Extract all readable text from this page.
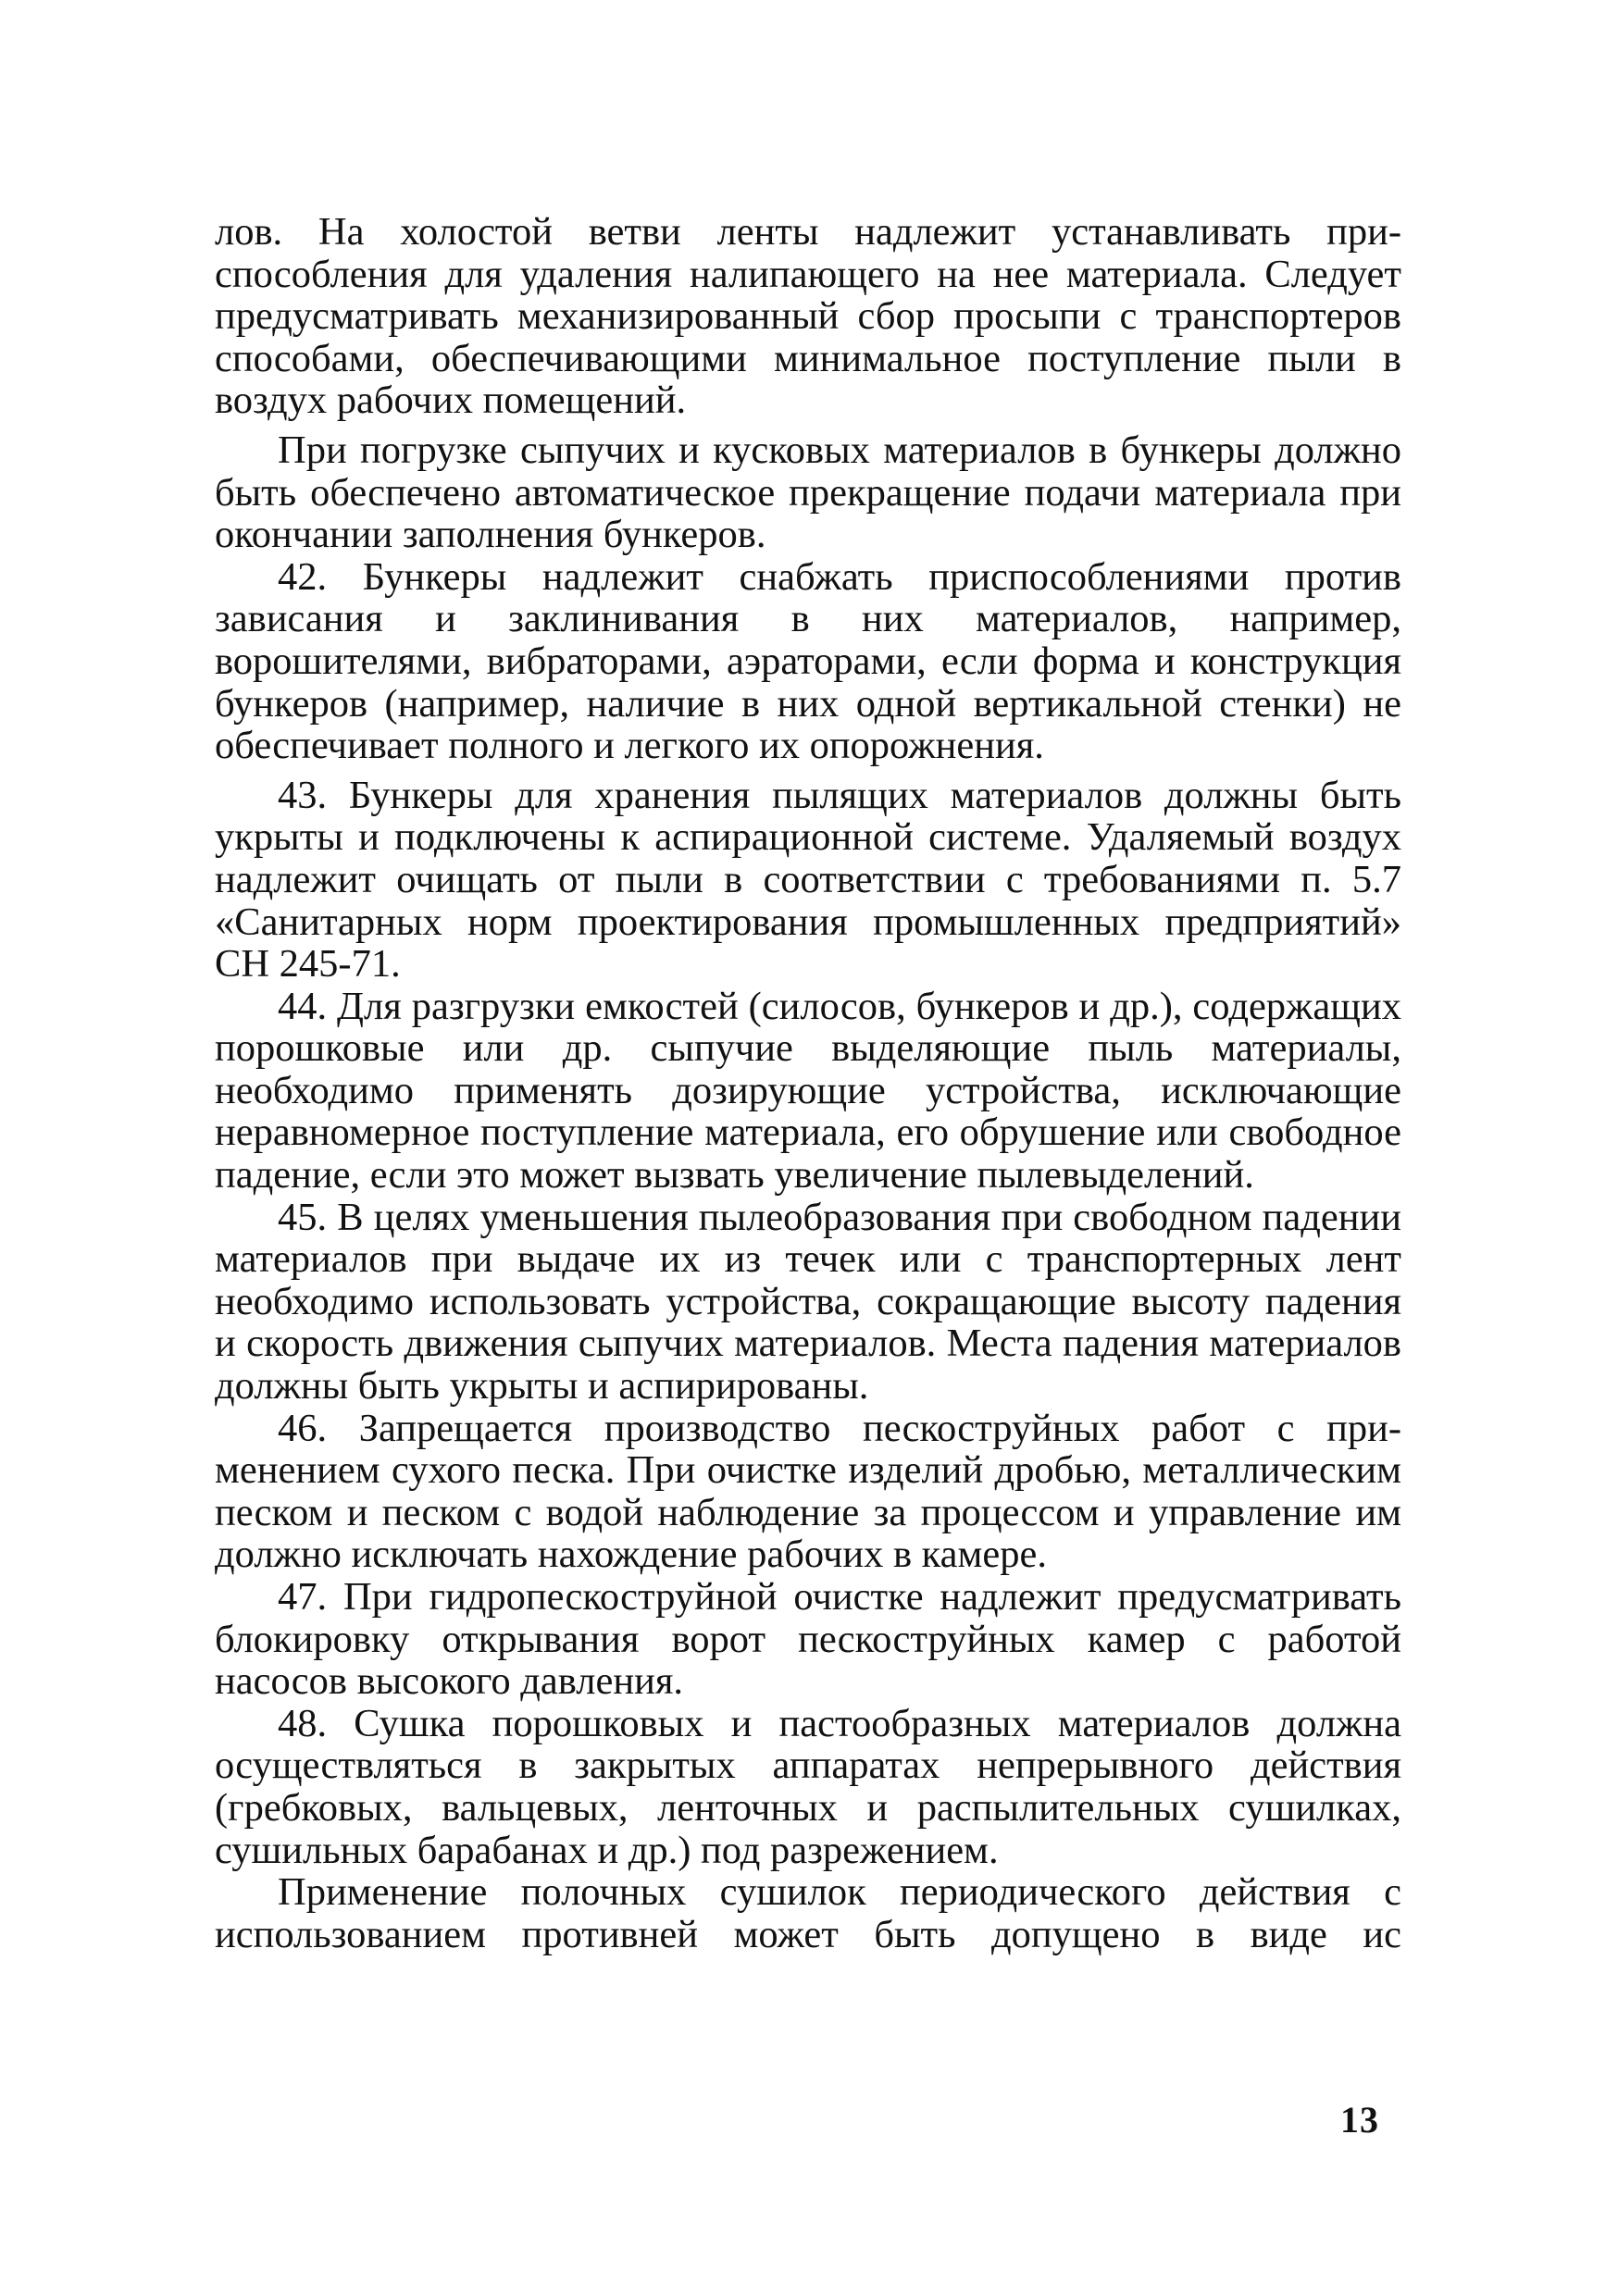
лов. На холостой ветви ленты надлежит устанавливать приспособления для удаления налипающего на нее материала. Следует предусматривать механизированный сбор просыпи с транспортеров способами, обеспечивающими минимальное поступление пыли в воздух рабочих помещений.

При погрузке сыпучих и кусковых материалов в бункеры должно быть обеспечено автоматическое прекращение подачи материала при окончании заполнения бункеров.

42. Бункеры надлежит снабжать приспособлениями против зависания и заклинивания в них материалов, например, ворошителями, вибраторами, аэраторами, если форма и конструкция бункеров (например, наличие в них одной вертикальной стенки) не обеспечивает полного и легкого их опорожнения.

43. Бункеры для хранения пылящих материалов должны быть укрыты и подключены к аспирационной системе. Удаляемый воздух надлежит очищать от пыли в соответствии с требованиями п. 5.7 «Санитарных норм проектирования промышленных предприятий» СН 245-71.

44. Для разгрузки емкостей (силосов, бункеров и др.), содержащих порошковые или др. сыпучие выделяющие пыль материалы, необходимо применять дозирующие устройства, исключающие неравномерное поступление материала, его обрушение или свободное падение, если это может вызвать увеличение пылевыделений.

45. В целях уменьшения пылеобразования при свободном падении материалов при выдаче их из течек или с транспортерных лент необходимо использовать устройства, сокращающие высоту падения и скорость движения сыпучих материалов. Места падения материалов должны быть укрыты и аспирированы.

46. Запрещается производство пескоструйных работ с применением сухого песка. При очистке изделий дробью, металлическим песком и песком с водой наблюдение за процессом и управление им должно исключать нахождение рабочих в камере.

47. При гидропескоструйной очистке надлежит предусматривать блокировку открывания ворот пескоструйных камер с работой насосов высокого давления.

48. Сушка порошковых и пастообразных материалов должна осуществляться в закрытых аппаратах непрерывного действия (гребковых, вальцевых, ленточных и распылительных сушилках, сушильных барабанах и др.) под разрежением.

Применение полочных сушилок периодического действия с использованием противней может быть допущено в виде ис

13
